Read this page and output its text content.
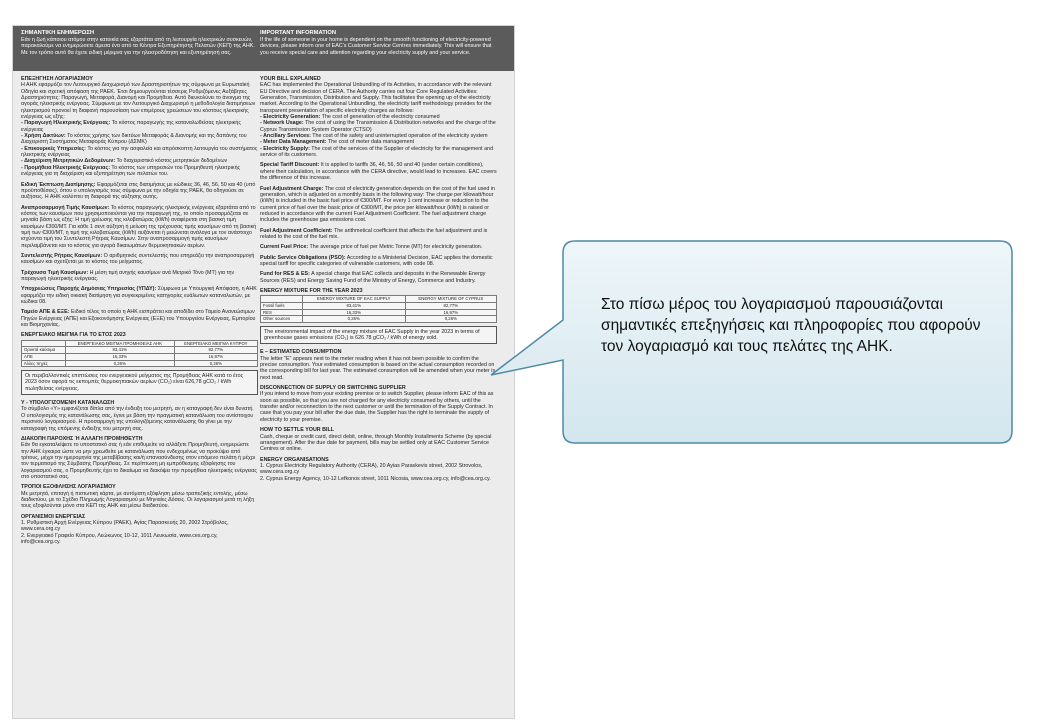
ΣΗΜΑΝΤΙΚΗ ΕΝΗΜΕΡΩΣΗ
Εάν η ζωή κάποιου ατόμου στην κατοικία σας εξαρτάται από τη λειτουργία ηλεκτρικών συσκευών, παρακαλούμε να ενημερώσετε άμεσα ένα από τα Κέντρα Εξυπηρέτησης Πελατών (ΚΕΠ) της ΑΗΚ. Με τον τρόπο αυτό θα έχετε ειδική μέριμνα για την ηλεκτροδότηση και εξυπηρέτησή σας.
IMPORTANT INFORMATION
If the life of someone in your home is dependent on the smooth functioning of electricity-powered devices, please inform one of EAC's Customer Service Centres immediately. This will ensure that you receive special care and attention regarding your electricity supply and your service.
ΕΠΕΞΗΓΗΣΗ ΛΟΓΑΡΙΑΣΜΟΥ
Η ΑΗΚ εφαρμόζει τον Λειτουργικό Διαχωρισμό των Δραστηριοτήτων της σύμφωνα με Ευρωπαϊκή Οδηγία και σχετική απόφαση της ΡΑΕΚ. Έτσι δημιουργούνται τέσσερις Ρυθμιζόμενες Αυξάβητες Δραστηριότητες: Παραγωγή, Μεταφορά, Διανομή και Προμήθεια. Αυτό διευκολύνει το άνοιγμα της αγοράς ηλεκτρικής ενέργειας. Σύμφωνα με τον Λειτουργικό Διαχωρισμό η μεθοδολογία διατιμήσεων ηλεκτρισμού προνοεί τη διαφανή παρουσίαση των επιμέρους χρεώσεων του κόστους ηλεκτρικής ενέργειας ως εξής:
- Παραγωγή Ηλεκτρικής Ενέργειας: Το κόστος παραγωγής της καταναλωθείσας ηλεκτρικής ενέργειας
- Χρήση Δικτύων: Το κόστος χρήσης των δικτύων Μεταφοράς & Διανομής και της δαπάνης του Διαχειριστή Συστήματος Μεταφοράς Κύπρου (ΔΣΜΚ)
- Επικουρικές Υπηρεσίες: Το κόστος για την ασφαλεία και απρόσκοπτη λειτουργία του συστήματος ηλεκτρικής ενέργειας
- Διαχείριση Μετρητικών Δεδομένων: Το διαχειριστικό κόστος μετρητικών δεδομένων
- Προμήθεια Ηλεκτρικής Ενέργειας: Το κόστος των υπηρεσιών του Προμηθευτή ηλεκτρικής ενέργειας για τη διαχείριση και εξυπηρέτηση των πελατών του.
Ειδική Έκπτωση Διατίμησης: Εφαρμόζεται στις διατιμήσεις με κώδικες 36, 46, 56, 50 και 40 (υπό προϋποθέσεις), όπου ο υπολογισμός τους σύμφωνα με την οδηγία της ΡΑΕΚ, θα οδηγούσε σε αυξήσεις. Η ΑΗΚ καλύπτει τη διαφορά της αύξησης αυτής.
Αναπροσαρμογή Τιμής Καυσίμων: Το κόστος παραγωγής ηλεκτρικής ενέργειας εξαρτάται από το κόστος των καυσίμων που χρησιμοποιούνται για την παραγωγή της, το οποίο προσαρμόζεται σε μηνιαία βάση ως εξής: Η τιμή χρέωσης της κιλοβατώρας (kWh) αναφέρεται στη βασική τιμή καυσίμων €300/ΜΤ. Για κάθε 1 σεντ αύξηση ή μείωση της τρέχουσας τιμής καυσίμων από τη βασική τιμή των €300/ΜΤ, η τιμή της κιλοβατώρας (kWh) αυξάνεται ή μειώνεται ανάλογα με τον ανάστοιχο ισχύοντα τιμή του Συντελεστή Ρήτρας Καυσίμων. Στην αναπροσαρμογή τιμής καυσίμων περιλαμβάνεται και το κόστος για αγορά δικαιωμάτων θερμοκηπιακών αερίων.
Συντελεστής Ρήτρας Καυσίμων: Ο αριθμητικός συντελεστής που επηρεάζει την αναπροσαρμογή καυσίμων και σχετίζεται με το κόστος του μείγματος.
Τρέχουσα Τιμή Καυσίμων: Η μέση τιμή ανηγής καυσίμων ανά Μετρικό Τόνο (ΜΤ) για την παραγωγή ηλεκτρικής ενέργειας.
Υποχρεώσεις Παροχής Δημόσιας Υπηρεσίας (ΥΠΔΥ): Σύμφωνα με Υπουργική Απόφαση, η ΑΗΚ εφαρμόζει την ειδική οικιακή διατίμηση για συγκεκριμένες κατηγορίες ευάλωτων καταναλωτών, με κώδικα 08.
Ταμείο ΑΠΕ & ΕΞΕ: Ειδικό τέλος το οποίο η ΑΗΚ εισπράττει και αποδίδει στο Ταμείο Ανανεώσιμων Πηγών Ενέργειας (ΑΠΕ) και Εξοικονόμησης Ενέργειας (ΕΞΕ) του Υπουργείου Ενέργειας, Εμπορίου και Βιομηχανίας.
ΕΝΕΡΓΕΙΑΚΟ ΜΕΙΓΜΑ ΓΙΑ ΤΟ ΕΤΟΣ 2023
	ΕΝΕΡΓΕΙΑΚΟ ΜΕΙΓΜΑ ΠΡΟΜΗΘΕΙΑΣ ΑΗΚ	ΕΝΕΡΓΕΙΑΚΟ ΜΕΙΓΜΑ ΚΥΠΡΟΥ
Ορυκτά καύσιμα	83,41%	82,77%
ΑΠΕ	16,33%	16,97%
Άλλες πηγές	0,26%	0,26%
Οι περιβαλλοντικές επιπτώσεις του ενεργειακού μείγματος της Προμήθειας ΑΗΚ κατά το έτος 2023 όσον αφορά τις εκπομπές θερμοκηπιακών αερίων (CO₂) είναι 626,78 gCO₂ / kWh πωληθείσας ενέργειας.
Υ - ΥΠΟΛΟΓΙΖΟΜΕΝΗ ΚΑΤΑΝΑΛΩΣΗ
Το σύμβολο «Υ» εμφανίζεται δίπλα από την ένδειξη του μετρητή, αν η καταγραφή δεν είναι δυνατή. Ο υπολογισμός της κατανάλωσης σας, έγινε με βάση την πραγματική κατανάλωση του αντίστοιχου περσινού λογαριασμού. Η προσαρμογή της υπολογιζόμενης κατανάλωσης θα γίνει με την καταγραφή της επόμενης ένδειξης του μετρητή σας.
ΔΙΑΚΟΠΗ ΠΑΡΟΧΗΣ Ή ΑΛΛΑΓΗ ΠΡΟΜΗΘΕΥΤΗ
Εάν θα εγκαταλείψετε το υποστατικό σας ή εάν επιθυμείτε να αλλάξετε Προμηθευτή, ενημερώστε την ΑΗΚ έγκαιρα ώστε να μην χρεωθείτε με κατανάλωση που ενδεχομένως να προκύψει από τρίτους, μέχρι την ημερομηνία της μεταβίβασης και/ή επανασύνδεσης στον επόμενο πελάτη ή μέχρι τον τερματισμό της Σύμβασης Προμήθειας. Σε περίπτωση μη εμπρόθεσμης εξόφλησης του λογαριασμού σας, ο Προμηθευτής έχει το δικαίωμα να διακόψει την προμήθεια ηλεκτρικής ενέργειας στο υποστατικό σας.
ΤΡΟΠΟΙ ΕΞΟΦΛΗΣΗΣ ΛΟΓΑΡΙΑΣΜΟΥ
Με μετρητά, επιταγή ή πιστωτική κάρτα, με αυτόματη εξόφληση μέσω τραπεζικής εντολής, μέσω διαδικτύου, με το Σχέδιο Πληρωμής Λογαριασμού με Μηνιαίες Δόσεις. Οι λογαριασμοί μετά τη λήξη τους εξοφλούνται μόνο στα ΚΕΠ της ΑΗΚ και μέσω διαδικτύου.
ΟΡΓΑΝΙΣΜΟΙ ΕΝΕΡΓΕΙΑΣ
1. Ρυθμιστική Αρχή Ενέργειας Κύπρου (ΡΑΕΚ), Αγίας Παρασκευής 20, 2002 Στρόβολος, www.cera.org.cy
2. Ενεργειακό Γραφείο Κύπρου, Λεώκωνος 10-12, 1011 Λευκωσία, www.ces.org.cy, info@cea.org.cy.
YOUR BILL EXPLAINED
EAC has implemented the Operational Unbundling of its Activities, in accordance with the relevant EU Directive and decision of CERA. The Authority carries out four Core Regulated Activities: Generation, Transmission, Distribution and Supply. This facilitates the opening up of the electricity market. According to the Operational Unbundling, the electricity tariff methodology provides for the transparent presentation of specific electricity charges as follows:
- Electricity Generation: The cost of generation of the electricity consumed
- Network Usage: The cost of using the Transmission & Distribution networks and the charge of the Cyprus Transmission System Operator (CTSO)
- Ancillary Services: The cost of the safety and uninterrupted operation of the electricity system
- Meter Data Management: The cost of meter data management
- Electricity Supply: The cost of the services of the Supplier of electricity for the management and service of its customers.
Special Tariff Discount: It is applied to tariffs 36, 46, 56, 50 and 40 (under certain conditions), where their calculation, in accordance with the CERA directive, would lead to increases. EAC covers the difference of this increase.
Fuel Adjustment Charge: The cost of electricity generation depends on the cost of the fuel used in generation, which is adjusted on a monthly basis in the following way: The charge per kilowatt/hour (kWh) is included in the basic fuel price of €300/MT. For every 1 cent increase or reduction to the current price of fuel over the basic price of €300/MT, the price per kilowatt/hour (kWh) is raised or reduced in accordance with the current Fuel Adjustment Coefficient. The fuel adjustment charge includes the greenhouse gas emissions cost.
Fuel Adjustment Coefficient: The arithmetical coefficient that affects the fuel adjustment and is related to the cost of the fuel mix.
Current Fuel Price: The average price of fuel per Metric Tonne (MT) for electricity generation.
Public Service Obligations (PSO): According to a Ministerial Decision, EAC applies the domestic special tariff for specific categories of vulnerable customers, with code 08.
Fund for RES & ES: A special charge that EAC collects and deposits in the Renewable Energy Sources (RES) and Energy Saving Fund of the Ministry of Energy, Commerce and Industry.
ENERGY MIXTURE FOR THE YEAR 2023
	ENERGY MIXTURE OF EAC SUPPLY	ENERGY MIXTURE OF CYPRUS
Fossil fuels	83,41%	82,77%
RES	16,33%	16,97%
Other sources	0,26%	0,26%
The environmental impact of the energy mixture of EAC Supply in the year 2023 in terms of greenhouse gases emissions (CO₂) is 626.78 gCO₂ / kWh of energy sold.
E – ESTIMATED CONSUMPTION
The letter "E" appears next to the meter reading when it has not been possible to confirm the precise consumption. Your estimated consumption is based on the actual consumption recorded on the corresponding bill for last year. The estimated consumption will be amended when your meter is next read.
DISCONNECTION OF SUPPLY OR SWITCHING SUPPLIER
If you intend to move from your existing premise or to switch Supplier, please inform EAC of this as soon as possible, so that you are not charged for any electricity consumed by others, until the transfer and/or reconnection to the next customer or until the termination of the Supply Contract. In case that you pay your bill after the due date, the Supplier has the right to terminate the supply of electricity to your premise.
HOW TO SETTLE YOUR BILL
Cash, cheque or credit card, direct debit, online, through Monthly Installments Scheme (by special arrangement). After the due date for payment, bills may be settled only at EAC Customer Service Centres or online.
ENERGY ORGANISATIONS
1. Cyprus Electricity Regulatory Authority (CERA), 20 Ayias Paraskevis street, 2002 Strovolos, www.cera.org.cy
2. Cyprus Energy Agency, 10-12 Lefkonos street, 1011 Nicosia, www.cea.org.cy, info@cea.org.cy.

Στο πίσω μέρος του λογαριασμού παρουσιάζονται σημαντικές επεξηγήσεις και πληροφορίες που αφορούν τον λογαριασμό και τους πελάτες της ΑΗΚ.
